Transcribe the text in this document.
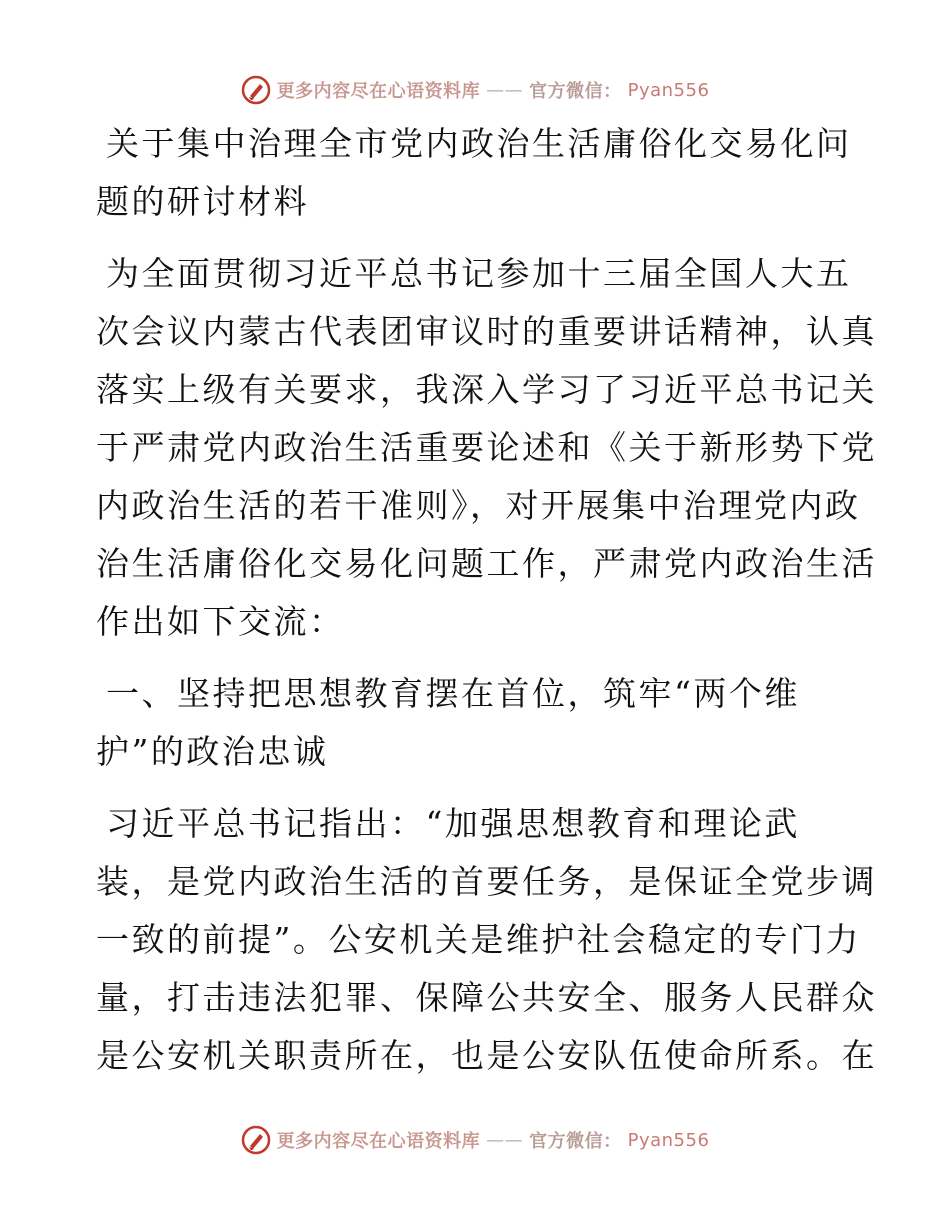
更多内容尽在心语资料库 —— 官方微信： Pyan556
关于集中治理全市党内政治生活庸俗化交易化问
题的研讨材料
为全面贯彻习近平总书记参加十三届全国人大五
次会议内蒙古代表团审议时的重要讲话精神，认真
落实上级有关要求，我深入学习了习近平总书记关
于严肃党内政治生活重要论述和《关于新形势下党
内政治生活的若干准则》，对开展集中治理党内政
治生活庸俗化交易化问题工作，严肃党内政治生活
作出如下交流：
一、坚持把思想教育摆在首位，筑牢“两个维
护”的政治忠诚
习近平总书记指出：“加强思想教育和理论武
装，是党内政治生活的首要任务，是保证全党步调
一致的前提”。公安机关是维护社会稳定的专门力
量，打击违法犯罪、保障公共安全、服务人民群众
是公安机关职责所在，也是公安队伍使命所系。在
更多内容尽在心语资料库 —— 官方微信： Pyan556
